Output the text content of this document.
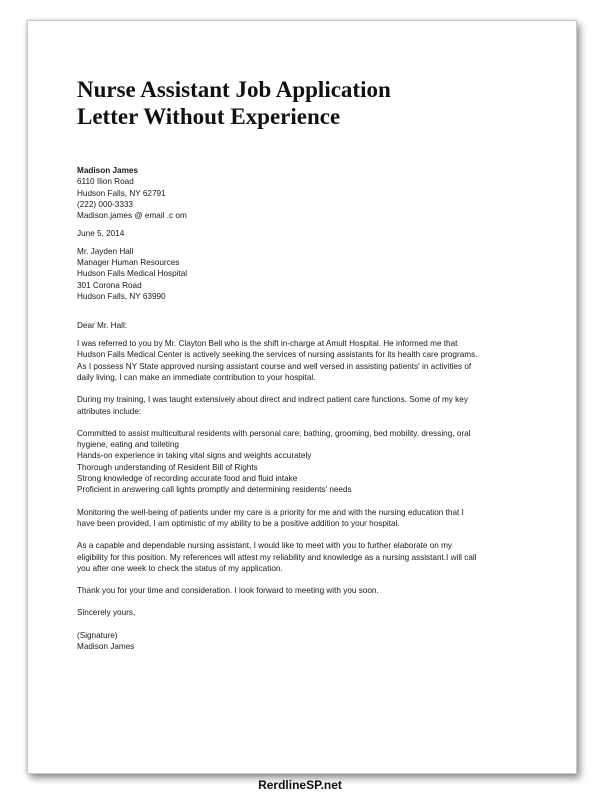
Nurse Assistant Job Application
Letter Without Experience
Madison James
6110 Ilion Road
Hudson Falls, NY 62791
(222) 000-3333
Madison.james @ email .c om
June 5, 2014
Mr. Jayden Hall
Manager Human Resources
Hudson Falls Medical Hospital
301 Corona Road
Hudson Falls, NY 63990
Dear Mr. Hall:
I was referred to you by Mr. Clayton Bell who is the shift in-charge at Amult Hospital. He informed me that
Hudson Falls Medical Center is actively seeking the services of nursing assistants for its health care programs.
As I possess NY State approved nursing assistant course and well versed in assisting patients' in activities of
daily living, I can make an immediate contribution to your hospital.
During my training, I was taught extensively about direct and indirect patient care functions. Some of my key
attributes include:
Committed to assist multicultural residents with personal care; bathing, grooming, bed mobility, dressing, oral
hygiene, eating and toileting
Hands-on experience in taking vital signs and weights accurately
Thorough understanding of Resident Bill of Rights
Strong knowledge of recording accurate food and fluid intake
Proficient in answering call lights promptly and determining residents' needs
Monitoring the well-being of patients under my care is a priority for me and with the nursing education that I
have been provided, I am optimistic of my ability to be a positive addition to your hospital.
As a capable and dependable nursing assistant, I would like to meet with you to further elaborate on my
eligibility for this position. My references will attest my reliability and knowledge as a nursing assistant.I will call
you after one week to check the status of my application.
Thank you for your time and consideration. I look forward to meeting with you soon.
Sincerely yours,
(Signature)
Madison James
RerdlineSP.net
